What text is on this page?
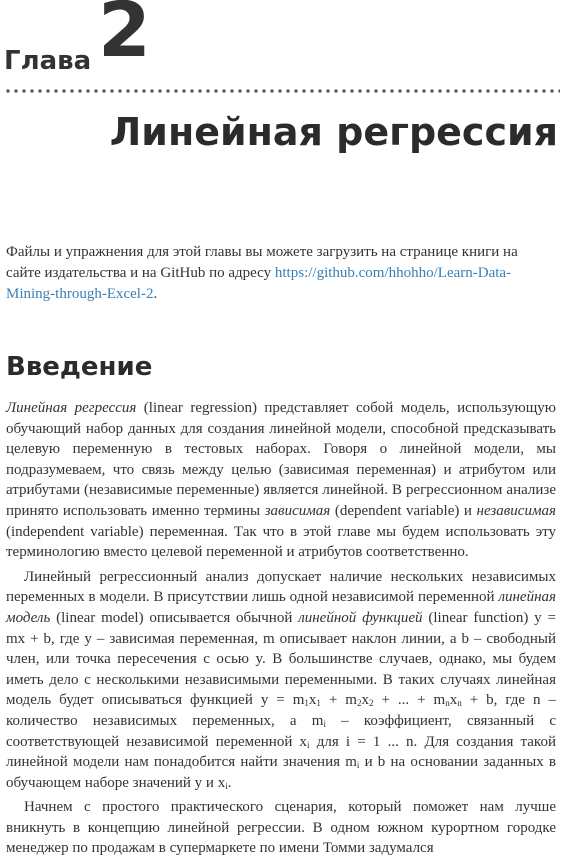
Глава 2
Линейная регрессия
Файлы и упражнения для этой главы вы можете загрузить на странице книги на сайте издательства и на GitHub по адресу https://github.com/hhohho/Learn-Data-Mining-through-Excel-2.
Введение

Линейная регрессия (linear regression) представляет собой модель, использующую обучающий набор данных для создания линейной модели, способной предсказывать целевую переменную в тестовых наборах. Говоря о линейной модели, мы подразумеваем, что связь между целью (зависимая переменная) и атрибутом или атрибутами (независимые переменные) является линейной. В регрессионном анализе принято использовать именно термины зависимая (dependent variable) и независимая (independent variable) переменная. Так что в этой главе мы будем использовать эту терминологию вместо целевой переменной и атрибутов соответственно.

Линейный регрессионный анализ допускает наличие нескольких независимых переменных в модели. В присутствии лишь одной независимой переменной линейная модель (linear model) описывается обычной линейной функцией (linear function) y = mx + b, где y – зависимая переменная, m описывает наклон линии, а b – свободный член, или точка пересечения с осью y. В большинстве случаев, однако, мы будем иметь дело с несколькими независимыми переменными. В таких случаях линейная модель будет описываться функцией $y = m_1x_1 + m_2x_2$ + ... + $m_nx_n + b$, где n – количество независимых переменных, а $m_i$ – коэффициент, связанный с соответствующей независимой переменной $x_i$ для i = 1 ... n. Для создания такой линейной модели нам понадобится найти значения $m_i$ и b на основании заданных в обучающем наборе значений y и $x_i$.

Начнем с простого практического сценария, который поможет нам лучше вникнуть в концепцию линейной регрессии. В одном южном курортном городке менеджер по продажам в супермаркете по имени Томми задумался
